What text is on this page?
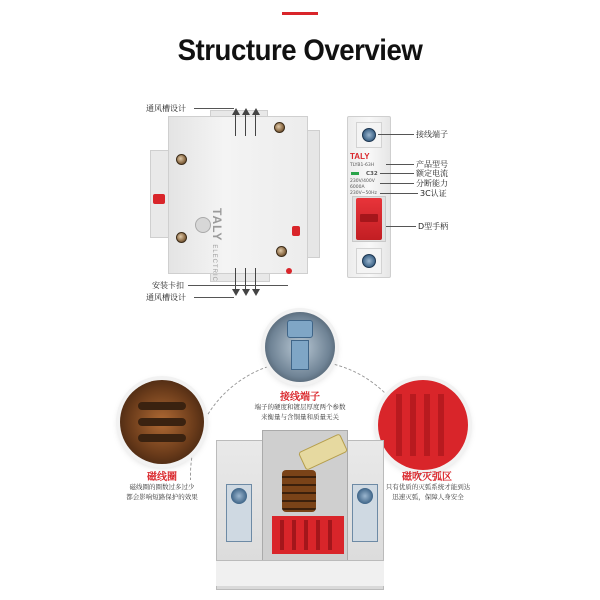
Structure Overview
TALYELECTRIC
通风槽设计
安装卡扣
通风槽设计
TALY
TLYB1-63H
C32
230V/400V
6000A
230V~50Hz
接线端子
产品型号
额定电流
分断能力
3C认证
D型手柄
接线端子
端子的硬度和镀层厚度两个参数
来衡量与含铜量和质量无关
磁线圈
磁线圈的圈数过多过少
都会影响短路保护的效果
磁吹灭弧区
只有优质的灭弧系统才能到达
迅速灭弧，保障人身安全
